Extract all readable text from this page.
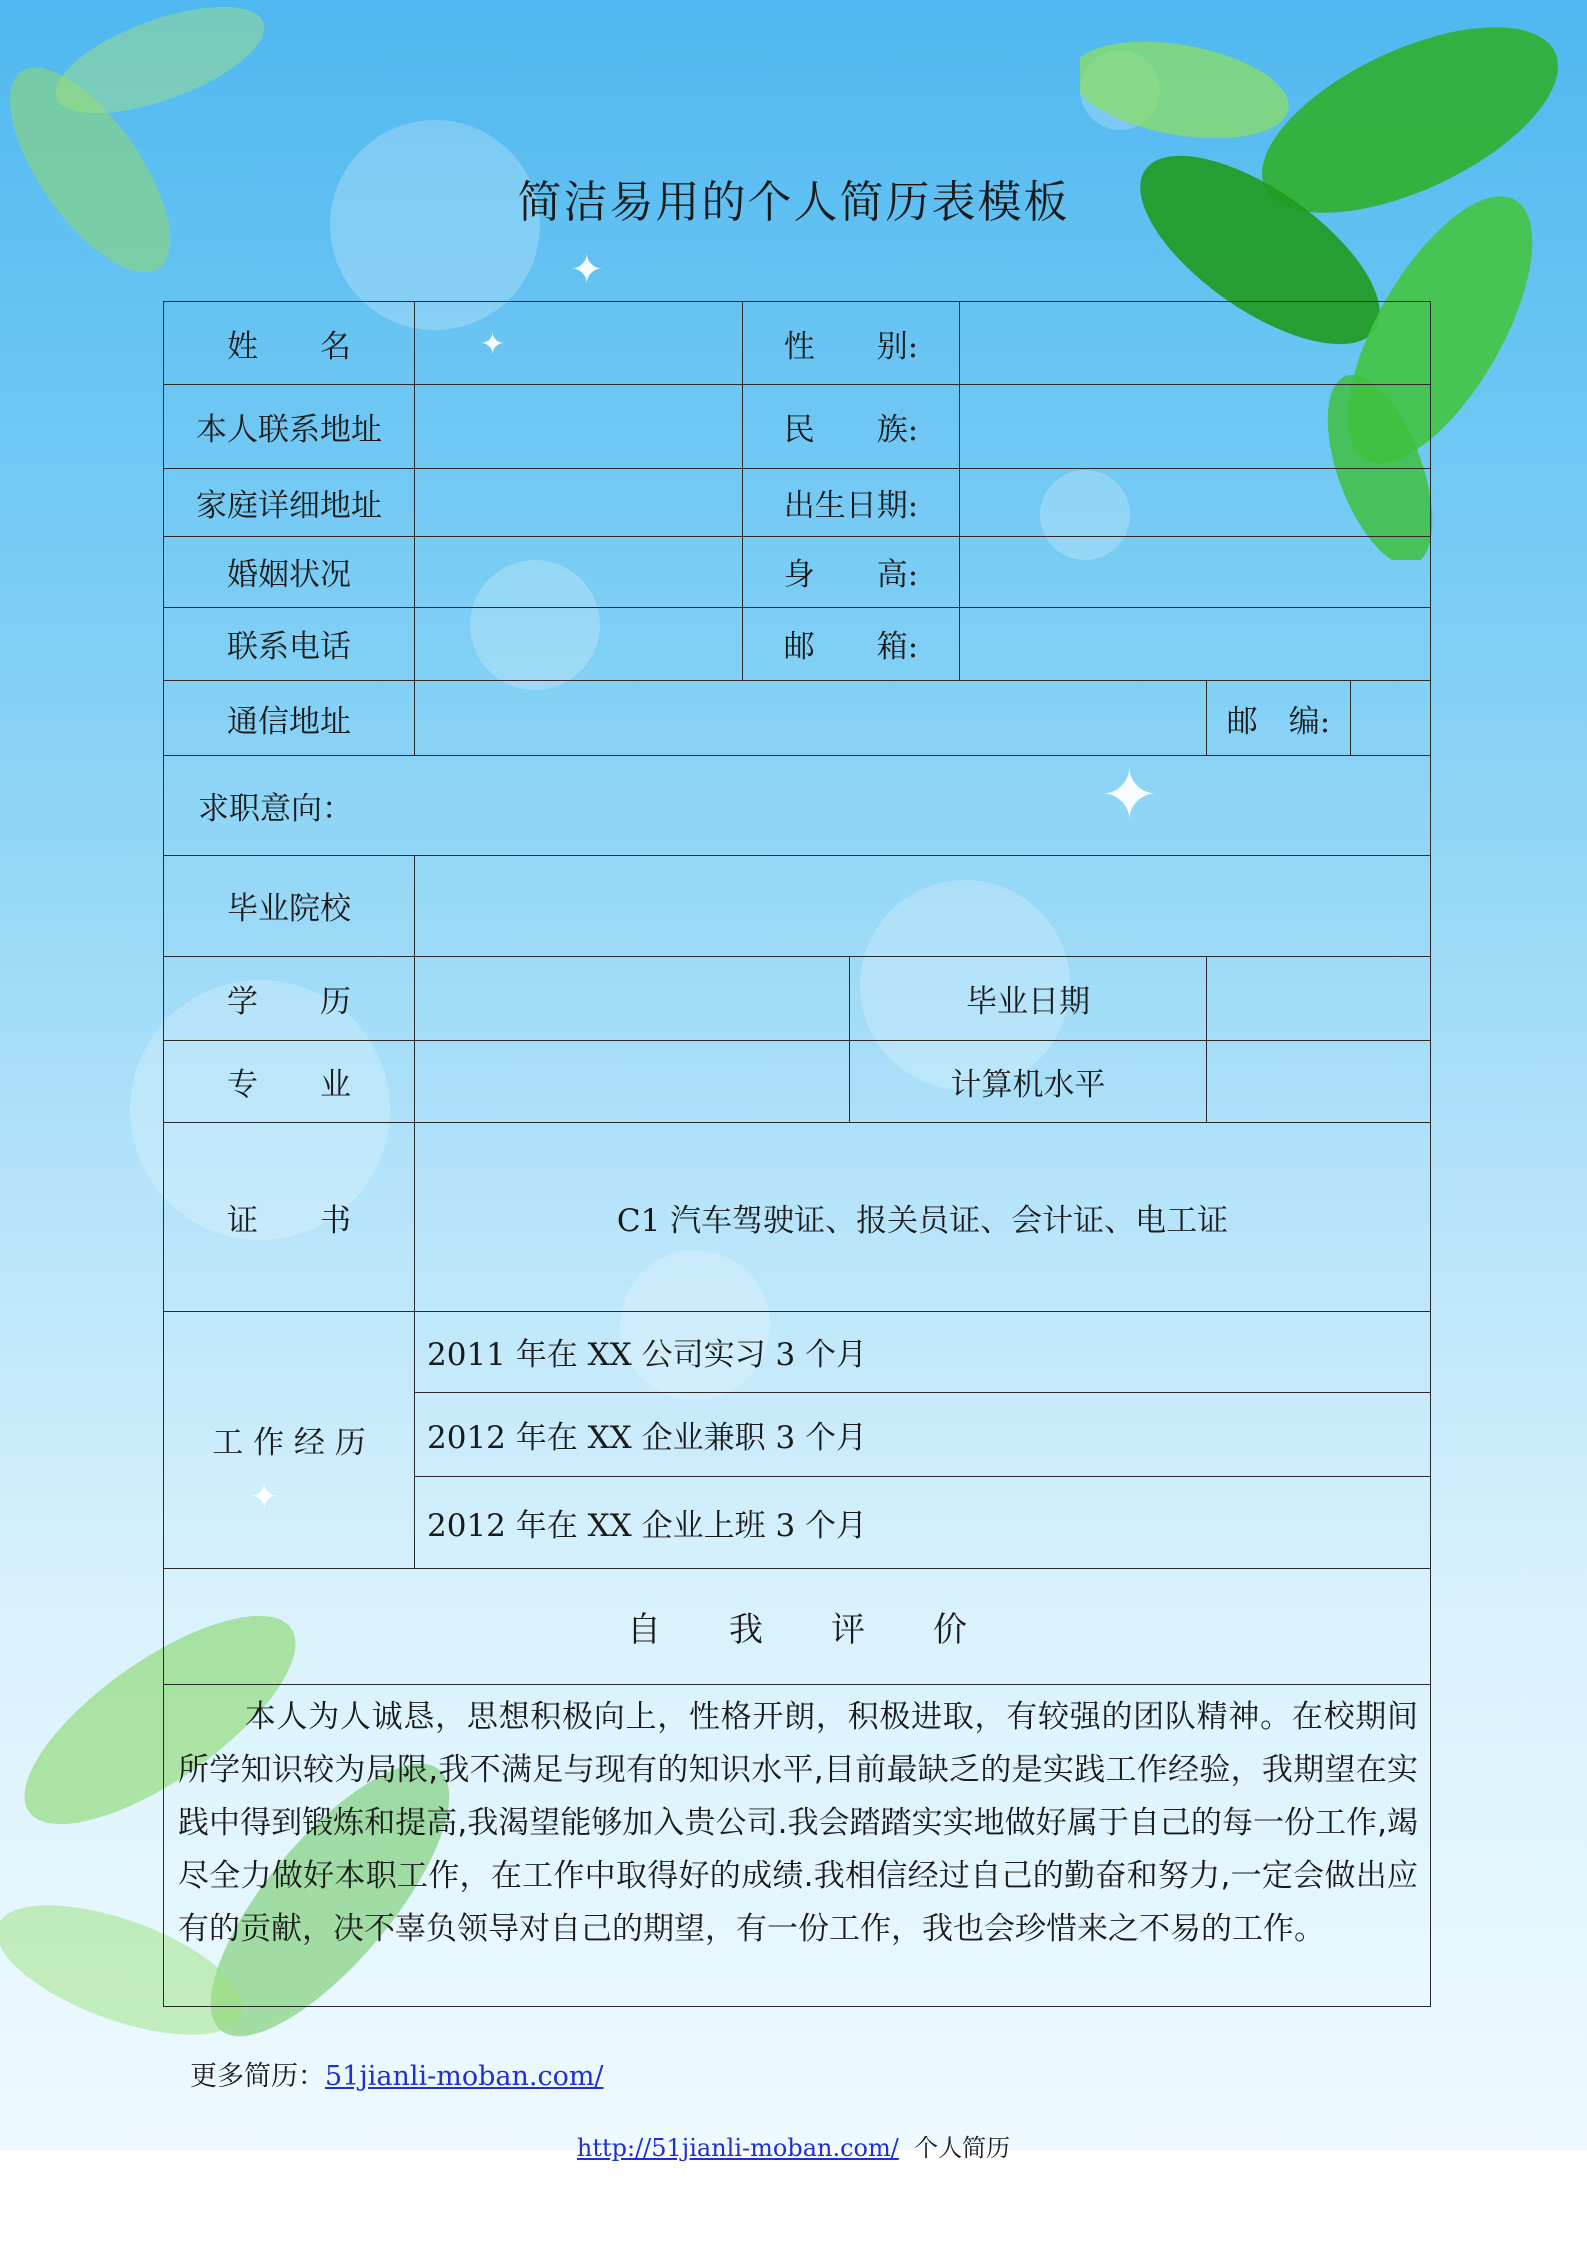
✦
✦
✦
✦
简洁易用的个人简历表模板
姓　　名		性　　别:				
本人联系地址		民　　族:				
家庭详细地址		出生日期:				
婚姻状况		身　　高:				
联系电话		邮　　箱:				
通信地址					邮　编:	
求职意向：						
毕业院校						
学　　历			毕业日期			
专　　业			计算机水平			
证　　书	C1 汽车驾驶证、报关员证、会计证、电工证					
工 作 经 历	2011 年在 XX 公司实习 3 个月					
	2012 年在 XX 企业兼职 3 个月					
	2012 年在 XX 企业上班 3 个月					
自　　我　　评　　价						
本人为人诚恳，思想积极向上，性格开朗，积极进取，有较强的团队精神。在校期间所学知识较为局限,我不满足与现有的知识水平,目前最缺乏的是实践工作经验，我期望在实践中得到锻炼和提高,我渴望能够加入贵公司.我会踏踏实实地做好属于自己的每一份工作,竭尽全力做好本职工作，在工作中取得好的成绩.我相信经过自己的勤奋和努力,一定会做出应有的贡献，决不辜负领导对自己的期望，有一份工作，我也会珍惜来之不易的工作。						
更多简历：51jianli-moban.com/
http://51jianli-moban.com/ 个人简历
